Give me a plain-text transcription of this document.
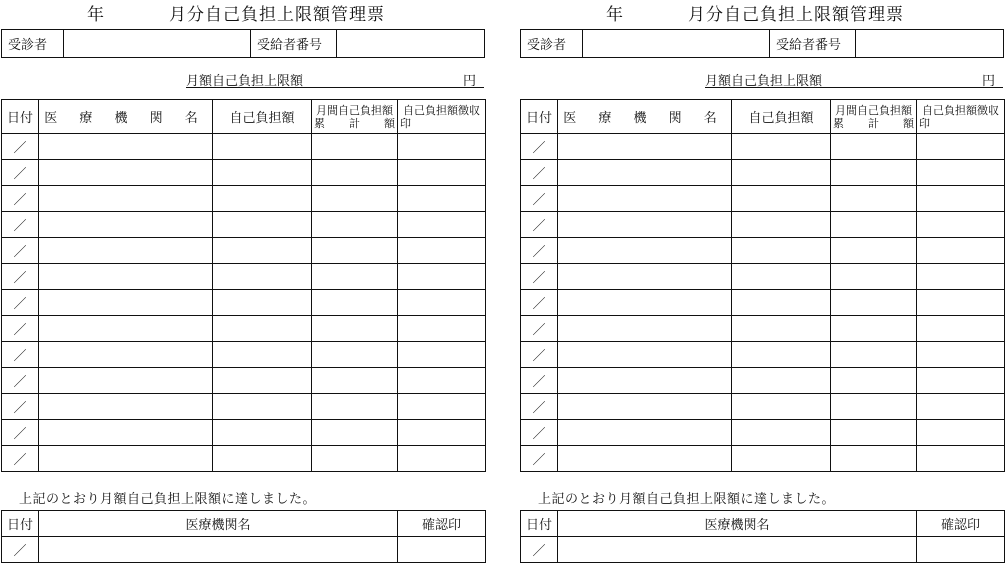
年	月分自己負担上限額管理票
受診者	受給者番号
月額自己負担上限額	円
日付	医 療 機 関 名	自己負担額	月間自己負担額累計額	自己負担額徴収印
／				
／				
／				
／				
／				
／				
／				
／				
／				
／				
／				
／				
／				
上記のとおり月額自己負担上限額に達しました。
日付	医療機関名	確認印
／		
年	月分自己負担上限額管理票
受診者	受給者番号
月額自己負担上限額	円
日付	医 療 機 関 名	自己負担額	月間自己負担額累計額	自己負担額徴収印
／				
／				
／				
／				
／				
／				
／				
／				
／				
／				
／				
／				
／				
上記のとおり月額自己負担上限額に達しました。
日付	医療機関名	確認印
／		
